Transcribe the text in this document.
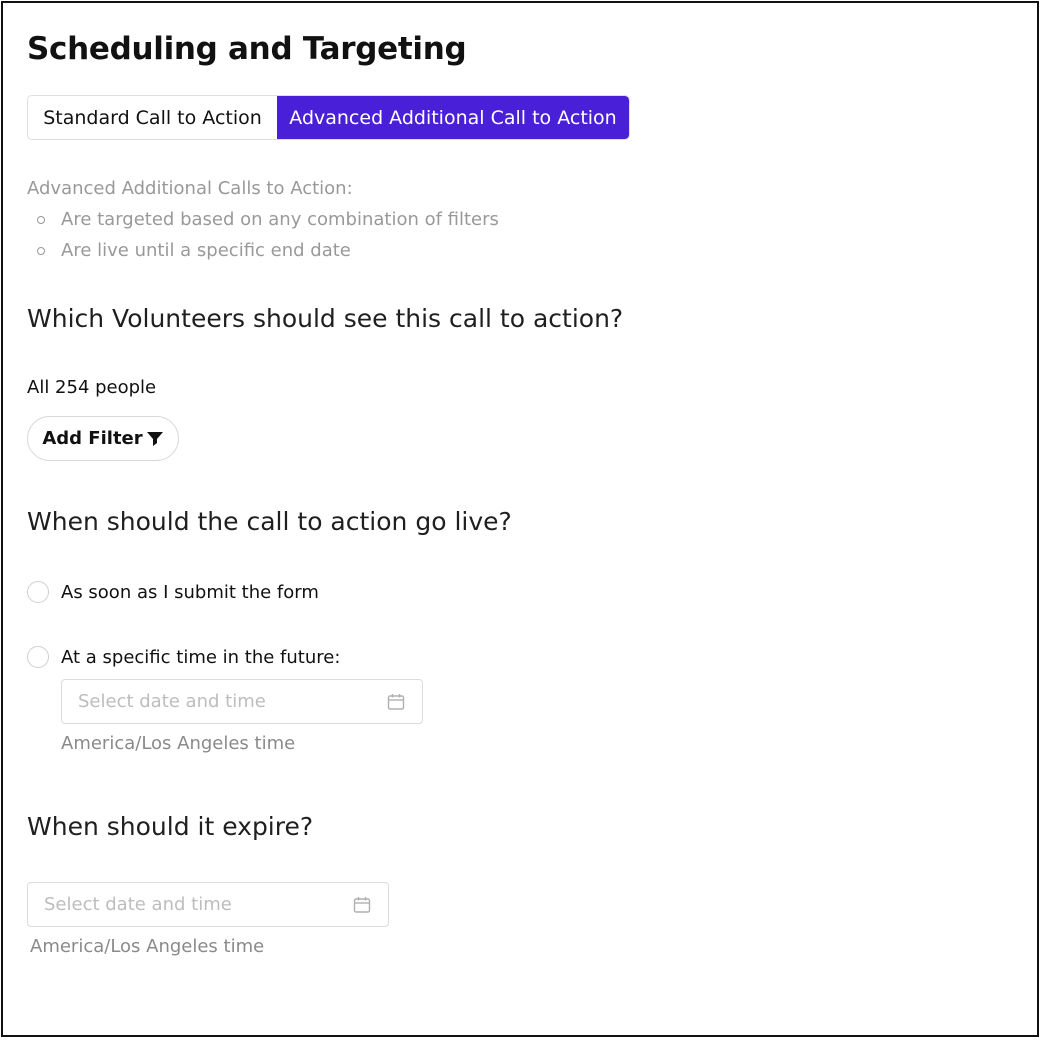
Scheduling and Targeting
Standard Call to Action	Advanced Additional Call to Action
Advanced Additional Calls to Action:
Are targeted based on any combination of filters
Are live until a specific end date
Which Volunteers should see this call to action?
All 254 people
Add Filter
When should the call to action go live?
As soon as I submit the form
At a specific time in the future:
Select date and time
America/Los Angeles time
When should it expire?
Select date and time
America/Los Angeles time
